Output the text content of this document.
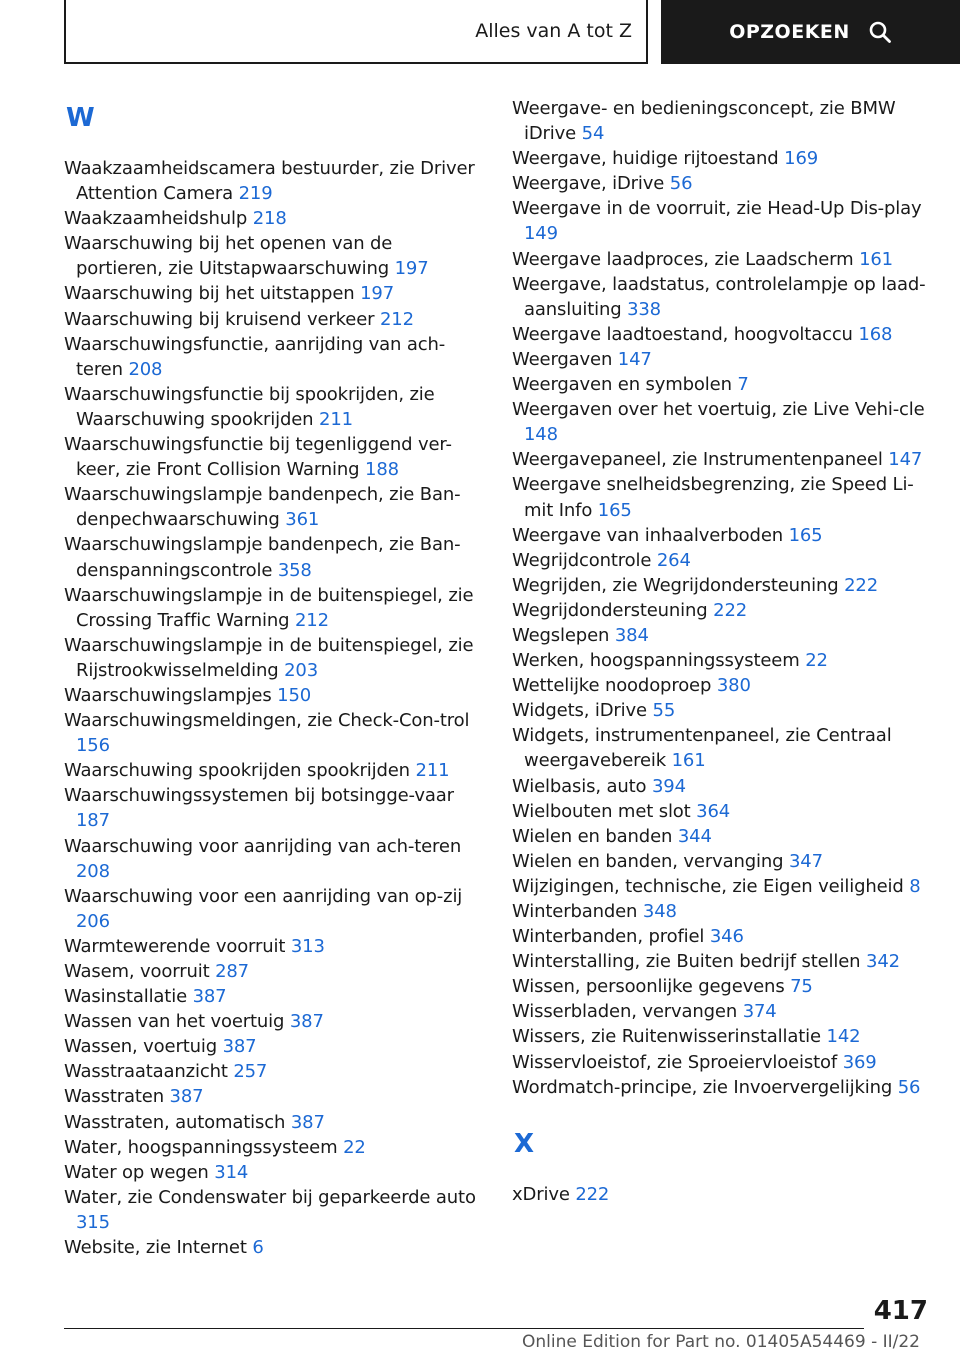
Alles van A tot Z	OPZOEKEN
W
Waakzaamheidscamera bestuurder, zie Driver Attention Camera 219
Waakzaamheidshulp 218
Waarschuwing bij het openen van de portieren, zie Uitstapwaarschuwing 197
Waarschuwing bij het uitstappen 197
Waarschuwing bij kruisend verkeer 212
Waarschuwingsfunctie, aanrijding van ach-teren 208
Waarschuwingsfunctie bij spookrijden, zie Waarschuwing spookrijden 211
Waarschuwingsfunctie bij tegenliggend ver-keer, zie Front Collision Warning 188
Waarschuwingslampje bandenpech, zie Ban-denpechwaarschuwing 361
Waarschuwingslampje bandenpech, zie Ban-denspanningscontrole 358
Waarschuwingslampje in de buitenspiegel, zie Crossing Traffic Warning 212
Waarschuwingslampje in de buitenspiegel, zie Rijstrookwisselmelding 203
Waarschuwingslampjes 150
Waarschuwingsmeldingen, zie Check-Con-trol 156
Waarschuwing spookrijden spookrijden 211
Waarschuwingssystemen bij botsingge-vaar 187
Waarschuwing voor aanrijding van ach-teren 208
Waarschuwing voor een aanrijding van op-zij 206
Warmtewerende voorruit 313
Wasem, voorruit 287
Wasinstallatie 387
Wassen van het voertuig 387
Wassen, voertuig 387
Wasstraataanzicht 257
Wasstraten 387
Wasstraten, automatisch 387
Water, hoogspanningssysteem 22
Water op wegen 314
Water, zie Condenswater bij geparkeerde auto 315
Website, zie Internet 6
Weergave- en bedieningsconcept, zie BMW iDrive 54
Weergave, huidige rijtoestand 169
Weergave, iDrive 56
Weergave in de voorruit, zie Head-Up Dis-play 149
Weergave laadproces, zie Laadscherm 161
Weergave, laadstatus, controlelampje op laad-aansluiting 338
Weergave laadtoestand, hoogvoltaccu 168
Weergaven 147
Weergaven en symbolen 7
Weergaven over het voertuig, zie Live Vehi-cle 148
Weergavepaneel, zie Instrumentenpaneel 147
Weergave snelheidsbegrenzing, zie Speed Li-mit Info 165
Weergave van inhaalverboden 165
Wegrijdcontrole 264
Wegrijden, zie Wegrijdondersteuning 222
Wegrijdondersteuning 222
Wegslepen 384
Werken, hoogspanningssysteem 22
Wettelijke noodoproep 380
Widgets, iDrive 55
Widgets, instrumentenpaneel, zie Centraal weergavebereik 161
Wielbasis, auto 394
Wielbouten met slot 364
Wielen en banden 344
Wielen en banden, vervanging 347
Wijzigingen, technische, zie Eigen veiligheid 8
Winterbanden 348
Winterbanden, profiel 346
Winterstalling, zie Buiten bedrijf stellen 342
Wissen, persoonlijke gegevens 75
Wisserbladen, vervangen 374
Wissers, zie Ruitenwisserinstallatie 142
Wisservloeistof, zie Sproeiervloeistof 369
Wordmatch-principe, zie Invoervergelijking 56
X
xDrive 222
417
Online Edition for Part no. 01405A54469 - II/22
